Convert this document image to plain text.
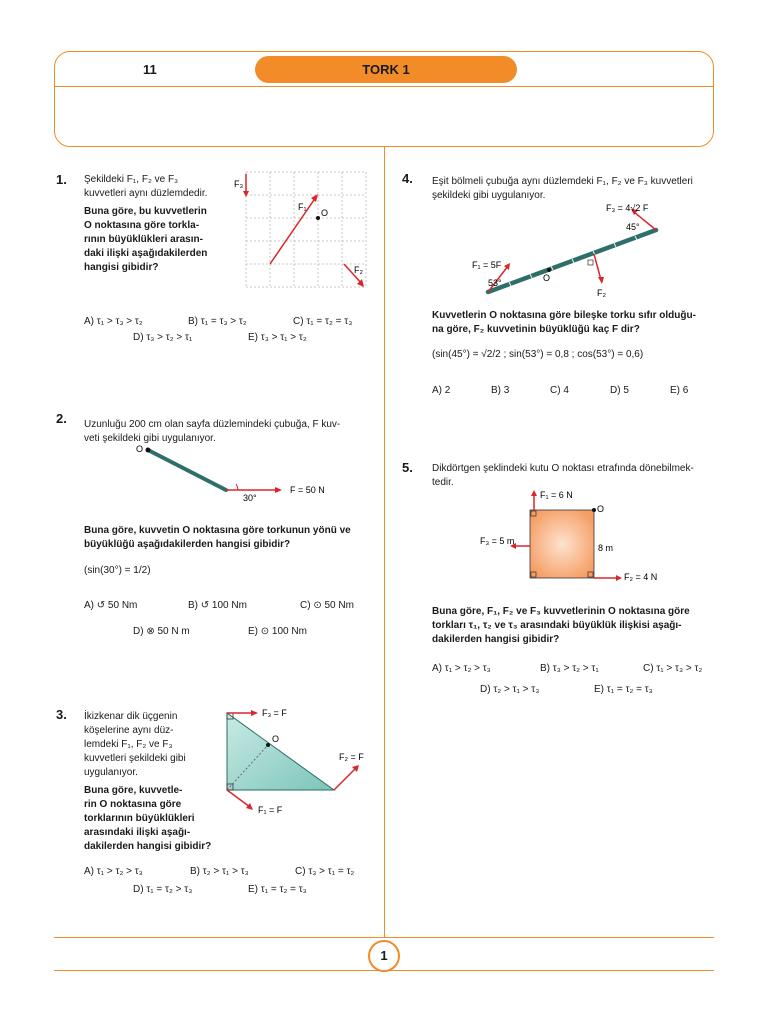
11	TORK 1
1. Şekildeki F₁, F₂ ve F₃
kuvvetleri aynı düzlemdedir.
Buna göre, bu kuvvetlerin
O noktasına göre torkla-
rının büyüklükleri arasın-
daki ilişki aşağıdakilerden
hangisi gibidir?
F₃
F₁
O
F₂
A) τ₁ > τ₃ > τ₂	B) τ₁ = τ₃ > τ₂	C) τ₁ = τ₂ = τ₃
D) τ₃ > τ₂ > τ₁	E) τ₃ > τ₁ > τ₂
2. Uzunluğu 200 cm olan sayfa düzlemindeki çubuğa, F kuv-
veti şekildeki gibi uygulanıyor.
O
F = 50 N
30°
Buna göre, kuvvetin O noktasına göre torkunun yönü ve
büyüklüğü aşağıdakilerden hangisi gibidir?
(sin(30°) = 1/2)
A) ↺ 50 Nm	B) ↺ 100 Nm	C) ⊙ 50 Nm
D) ⊗ 50 N m	E) ⊙ 100 Nm
3. İkizkenar dik üçgenin
köşelerine aynı düz-
lemdeki F₁, F₂ ve F₃
kuvvetleri şekildeki gibi
uygulanıyor.
Buna göre, kuvvetle-
rin O noktasına göre
torklarının büyüklükleri
arasındaki ilişki aşağı-
dakilerden hangisi gibidir?
F₃ = F
O
F₂ = F
F₁ = F
A) τ₁ > τ₂ > τ₃	B) τ₂ > τ₁ > τ₃	C) τ₃ > τ₁ = τ₂
D) τ₁ = τ₂ > τ₃	E) τ₁ = τ₂ = τ₃
4. Eşit bölmeli çubuğa aynı düzlemdeki F₁, F₂ ve F₃ kuvvetleri
şekildeki gibi uygulanıyor.
F₃ = 4√2 F
45°
F₁ = 5F
53°	O
F₂
Kuvvetlerin O noktasına göre bileşke torku sıfır olduğu-
na göre, F₂ kuvvetinin büyüklüğü kaç F dir?
(sin(45°) = √2/2 ; sin(53°) = 0,8 ; cos(53°) = 0,6)
A) 2	B) 3	C) 4	D) 5	E) 6
5. Dikdörtgen şeklindeki kutu O noktası etrafında dönebilmek-
tedir.
F₁ = 6 N
O
F₃ = 5 m
8 m
F₂ = 4 N
Buna göre, F₁, F₂ ve F₃ kuvvetlerinin O noktasına göre
torkları τ₁, τ₂ ve τ₃ arasındaki büyüklük ilişkisi aşağı-
dakilerden hangisi gibidir?
A) τ₁ > τ₂ > τ₃	B) τ₃ > τ₂ > τ₁	C) τ₁ > τ₃ > τ₂
D) τ₂ > τ₁ > τ₃	E) τ₁ = τ₂ = τ₃
1
